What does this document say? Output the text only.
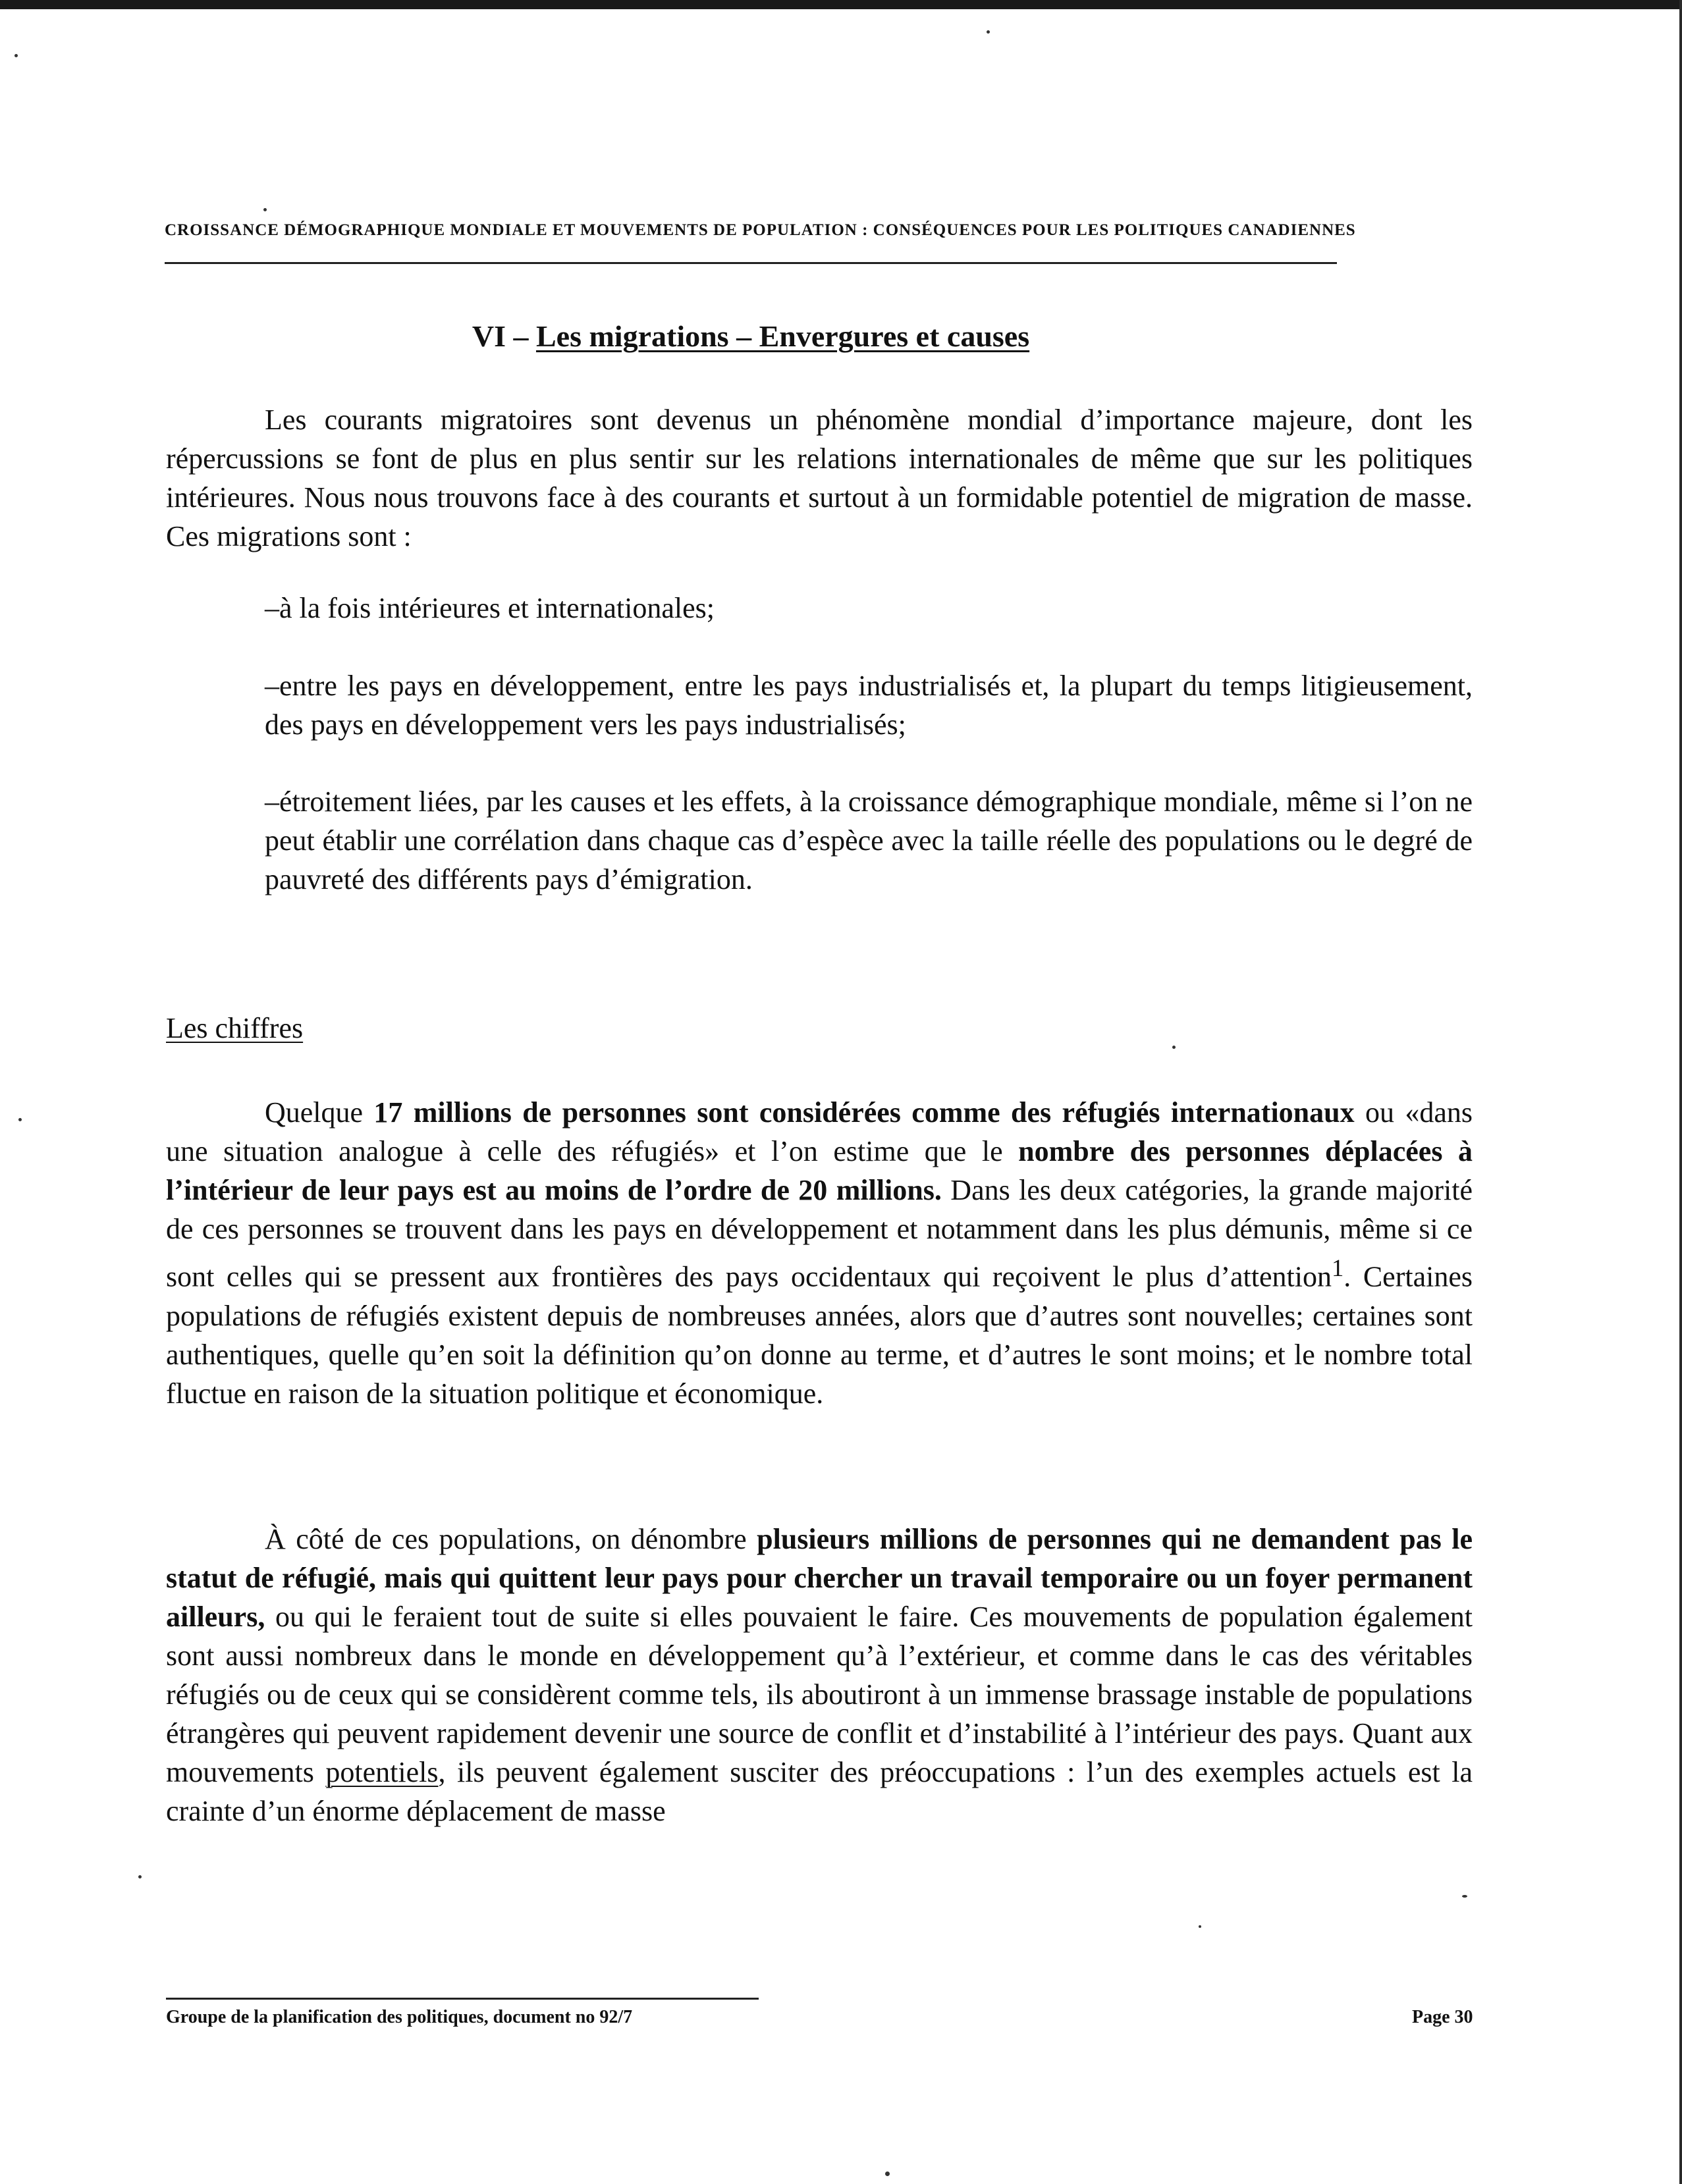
CROISSANCE DÉMOGRAPHIQUE MONDIALE ET MOUVEMENTS DE POPULATION : CONSÉQUENCES POUR LES POLITIQUES CANADIENNES
VI – Les migrations – Envergures et causes

Les courants migratoires sont devenus un phénomène mondial d’importance majeure, dont les répercussions se font de plus en plus sentir sur les relations internationales de même que sur les politiques intérieures. Nous nous trouvons face à des courants et surtout à un formidable potentiel de migration de masse. Ces migrations sont :

–à la fois intérieures et internationales;

–entre les pays en développement, entre les pays industrialisés et, la plupart du temps litigieusement, des pays en développement vers les pays industrialisés;

–étroitement liées, par les causes et les effets, à la croissance démographique mondiale, même si l’on ne peut établir une corrélation dans chaque cas d’espèce avec la taille réelle des populations ou le degré de pauvreté des différents pays d’émigration.

Les chiffres

Quelque 17 millions de personnes sont considérées comme des réfugiés internationaux ou «dans une situation analogue à celle des réfugiés» et l’on estime que le nombre des personnes déplacées à l’intérieur de leur pays est au moins de l’ordre de 20 millions. Dans les deux catégories, la grande majorité de ces personnes se trouvent dans les pays en développement et notamment dans les plus démunis, même si ce sont celles qui se pressent aux frontières des pays occidentaux qui reçoivent le plus d’attention$^1$. Certaines populations de réfugiés existent depuis de nombreuses années, alors que d’autres sont nouvelles; certaines sont authentiques, quelle qu’en soit la définition qu’on donne au terme, et d’autres le sont moins; et le nombre total fluctue en raison de la situation politique et économique.

À côté de ces populations, on dénombre plusieurs millions de personnes qui ne demandent pas le statut de réfugié, mais qui quittent leur pays pour chercher un travail temporaire ou un foyer permanent ailleurs, ou qui le feraient tout de suite si elles pouvaient le faire. Ces mouvements de population également sont aussi nombreux dans le monde en développement qu’à l’extérieur, et comme dans le cas des véritables réfugiés ou de ceux qui se considèrent comme tels, ils aboutiront à un immense brassage instable de populations étrangères qui peuvent rapidement devenir une source de conflit et d’instabilité à l’intérieur des pays. Quant aux mouvements potentiels, ils peuvent également susciter des préoccupations : l’un des exemples actuels est la crainte d’un énorme déplacement de masse

Groupe de la planification des politiques, document no 92/7	Page 30
